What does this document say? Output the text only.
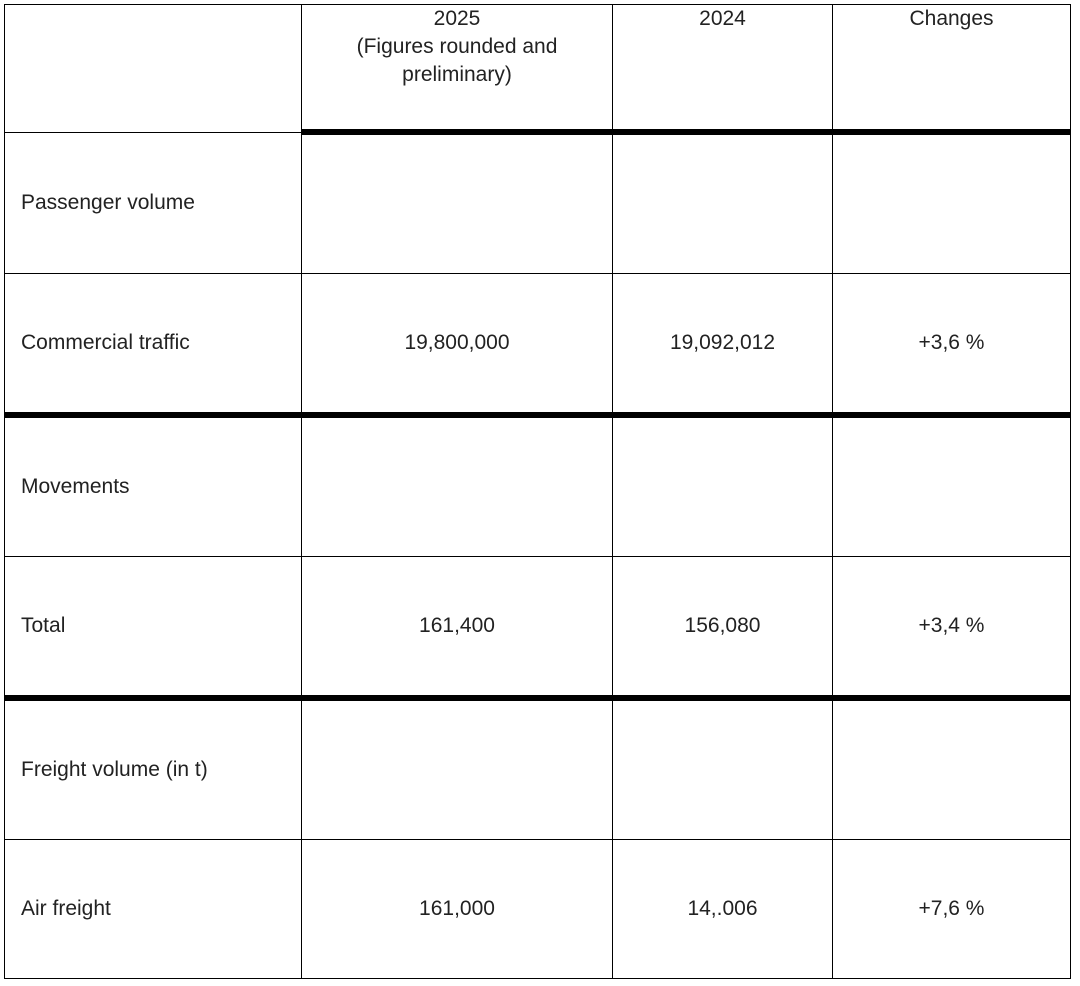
	2025
(Figures rounded and
preliminary)	2024	Changes

Passenger volume			
Commercial traffic	19,800,000	19,092,012	+3,6 %
Movements			
Total	161,400	156,080	+3,4 %
Freight volume (in t)			
Air freight	161,000	14,.006	+7,6 %
